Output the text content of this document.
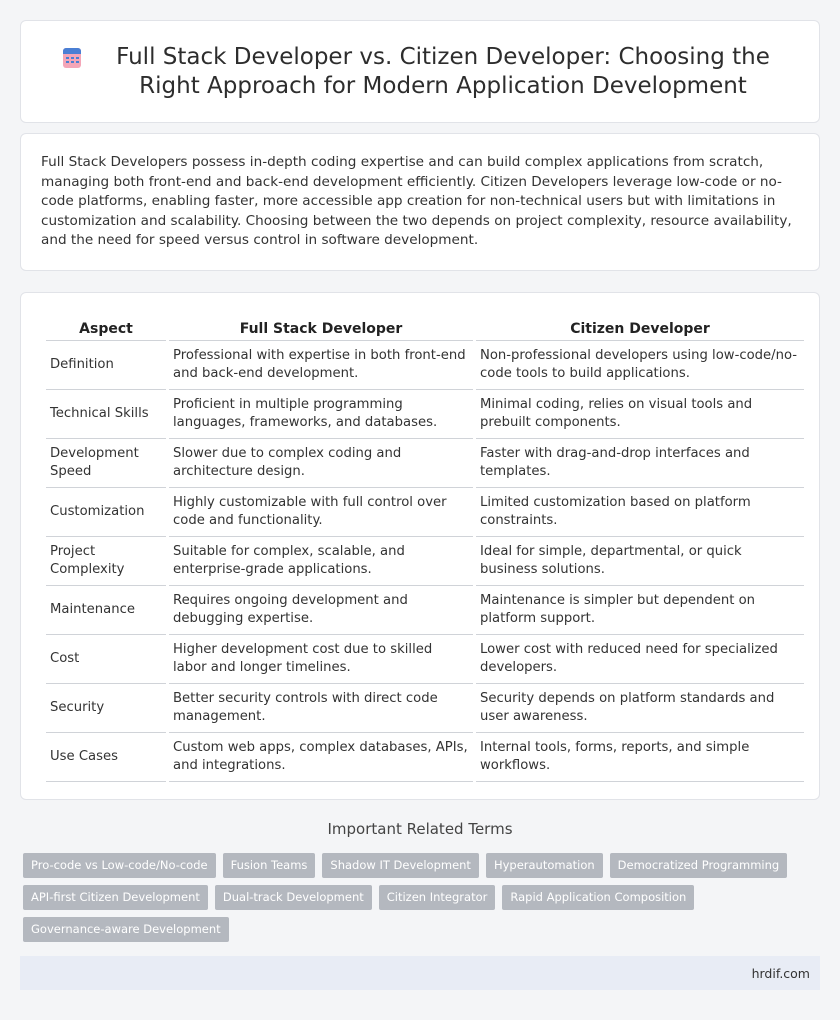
Full Stack Developer vs. Citizen Developer: Choosing the Right Approach for Modern Application Development

Full Stack Developers possess in-depth coding expertise and can build complex applications from scratch, managing both front-end and back-end development efficiently. Citizen Developers leverage low-code or no-code platforms, enabling faster, more accessible app creation for non-technical users but with limitations in customization and scalability. Choosing between the two depends on project complexity, resource availability, and the need for speed versus control in software development.

Aspect	Full Stack Developer	Citizen Developer
Definition	Professional with expertise in both front-end and back-end development.	Non-professional developers using low-code/no-code tools to build applications.
Technical Skills	Proficient in multiple programming languages, frameworks, and databases.	Minimal coding, relies on visual tools and prebuilt components.
Development Speed	Slower due to complex coding and architecture design.	Faster with drag-and-drop interfaces and templates.
Customization	Highly customizable with full control over code and functionality.	Limited customization based on platform constraints.
Project Complexity	Suitable for complex, scalable, and enterprise-grade applications.	Ideal for simple, departmental, or quick business solutions.
Maintenance	Requires ongoing development and debugging expertise.	Maintenance is simpler but dependent on platform support.
Cost	Higher development cost due to skilled labor and longer timelines.	Lower cost with reduced need for specialized developers.
Security	Better security controls with direct code management.	Security depends on platform standards and user awareness.
Use Cases	Custom web apps, complex databases, APIs, and integrations.	Internal tools, forms, reports, and simple workflows.
Important Related Terms
Pro-code vs Low-code/No-code	Fusion Teams	Shadow IT Development	Hyperautomation	Democratized Programming
API-first Citizen Development	Dual-track Development	Citizen Integrator	Rapid Application Composition
Governance-aware Development
hrdif.com
